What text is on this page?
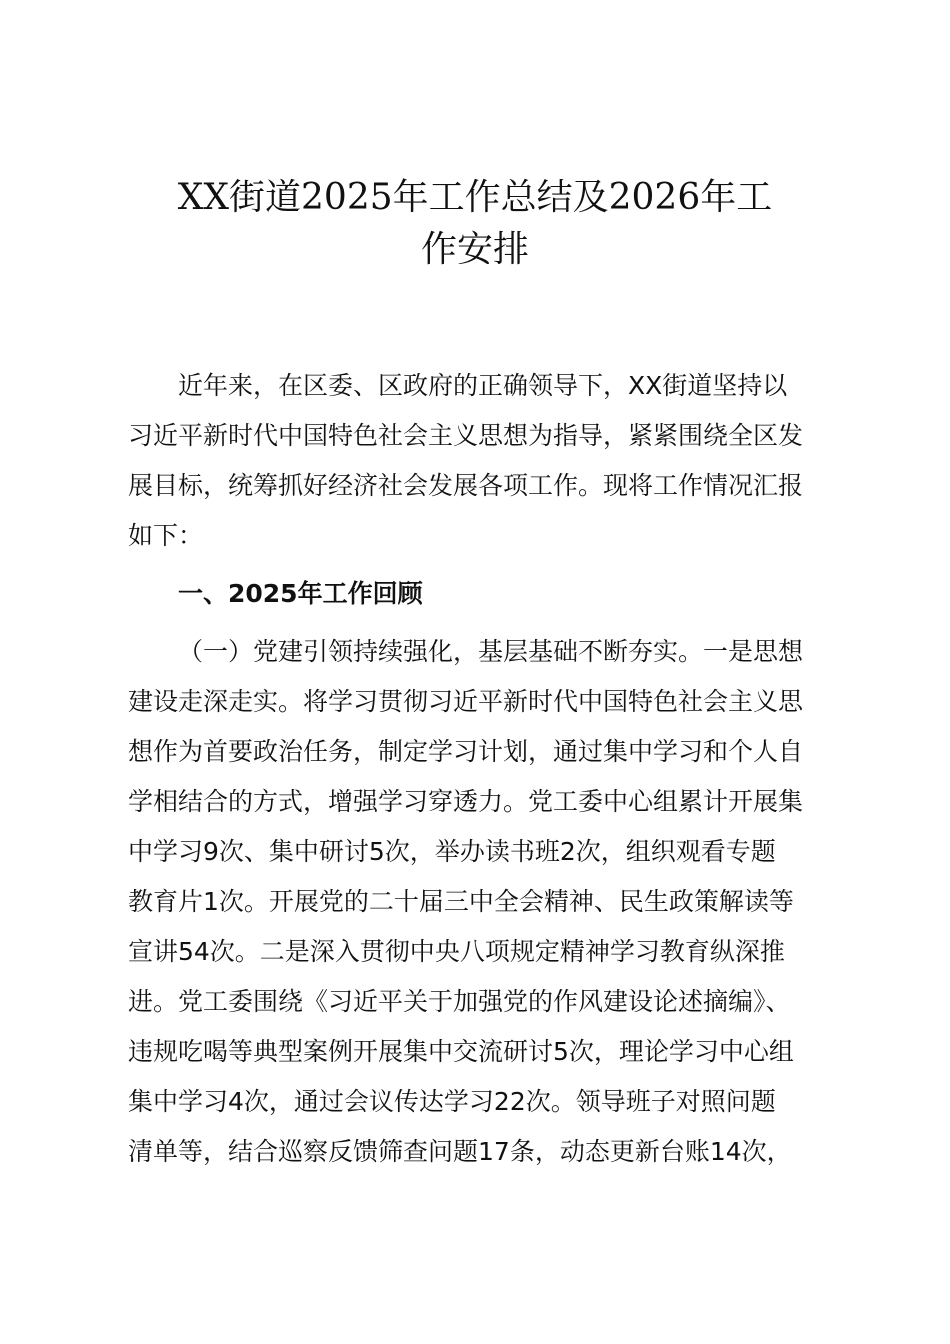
XX街道2025年工作总结及2026年工
作安排
近年来，在区委、区政府的正确领导下，XX街道坚持以
习近平新时代中国特色社会主义思想为指导，紧紧围绕全区发
展目标，统筹抓好经济社会发展各项工作。现将工作情况汇报
如下：
一、2025年工作回顾
（一）党建引领持续强化，基层基础不断夯实。一是思想
建设走深走实。将学习贯彻习近平新时代中国特色社会主义思
想作为首要政治任务，制定学习计划，通过集中学习和个人自
学相结合的方式，增强学习穿透力。党工委中心组累计开展集
中学习9次、集中研讨5次，举办读书班2次，组织观看专题
教育片1次。开展党的二十届三中全会精神、民生政策解读等
宣讲54次。二是深入贯彻中央八项规定精神学习教育纵深推
进。党工委围绕《习近平关于加强党的作风建设论述摘编》、
违规吃喝等典型案例开展集中交流研讨5次，理论学习中心组
集中学习4次，通过会议传达学习22次。领导班子对照问题
清单等，结合巡察反馈筛查问题17条，动态更新台账14次，
